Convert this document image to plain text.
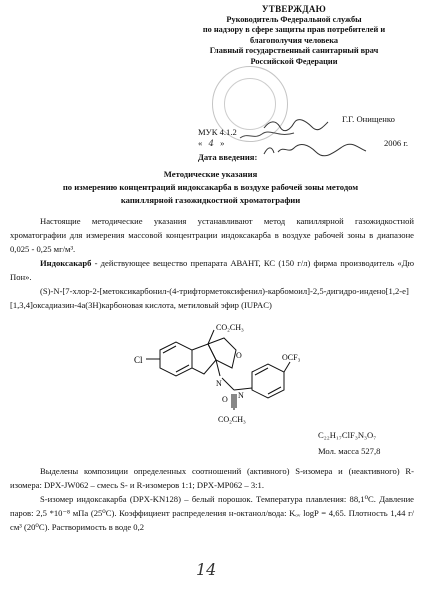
УТВЕРЖДАЮ
Руководитель Федеральной службы
по надзору в сфере защиты прав потребителей и
благополучия человека
Главный государственный санитарный врач
Российской Федерации
Г.Г. Онищенко
МУК 4.1.2
« 4 »	2006 г.
Дата введения:
Методические указания
по измерению концентраций индоксакарба в воздухе рабочей зоны методом
капиллярной газожидкостной хроматографии

Настоящие методические указания устанавливают метод капиллярной газожидкостной хроматографии для измерения массовой концентрации индоксакарба в воздухе рабочей зоны в диапазоне 0,025 - 0,25 мг/м³.

Индоксакарб - действующее вещество препарата АВАНТ, КС (150 г/л) фирма производитель «Дю Пон».

(S)-N-[7-хлор-2-[метоксикарбонил-(4-трифторметоксифенил)-карбомоил]-2,5-дигидро-индено[1,2-е][1,3,4]оксадиазин-4а(3Н)карбоновая кислота, метиловый эфир (IUPAC)

Cl
CO₂CH₃
O
N
N
O
OCF₃
CO₂CH₃
C₂₂H₁₇ClF₃N₃O₇
Мол. масса 527,8

Выделены композиции определенных соотношений (активного) S-изомера и (неактивного) R-изомера: DPX-JW062 – смесь S- и R-изомеров 1:1; DPX-MP062 – 3:1.

S-изомер индоксакарба (DPX-KN128) – белый порошок. Температура плавления: 88,1⁰С. Давление паров: 2,5 *10⁻⁸ мПа (25⁰С). Коэффициент распределения н-октанол/вода: Kₒᵥ logP = 4,65. Плотность 1,44 г/см³ (20⁰С). Растворимость в воде 0,2

14
